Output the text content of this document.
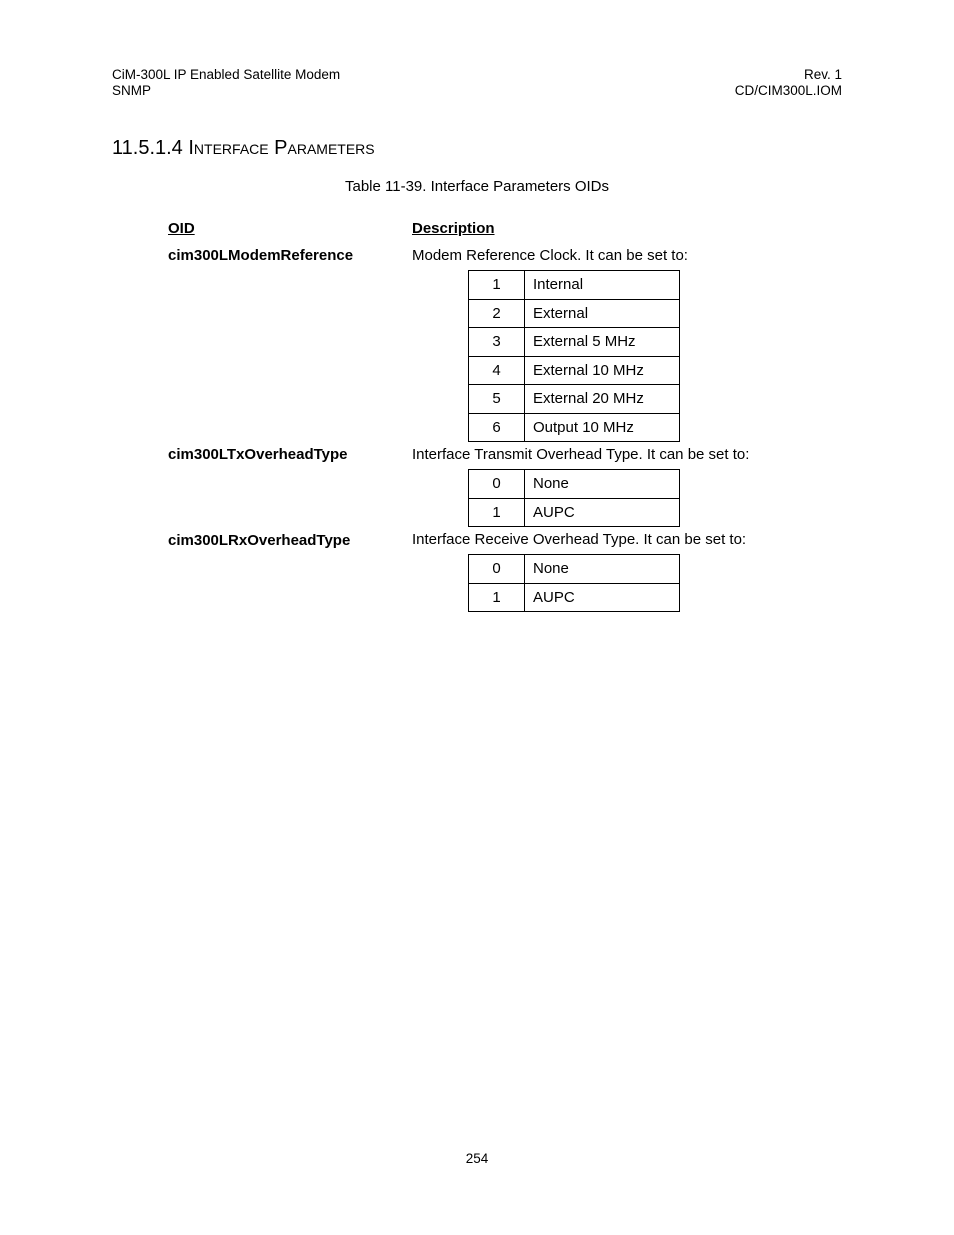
CiM-300L IP Enabled Satellite Modem
SNMP
Rev. 1
CD/CIM300L.IOM
11.5.1.4 Interface Parameters
Table 11-39. Interface Parameters OIDs
OID	Description
cim300LModemReference	Modem Reference Clock. It can be set to:
1	Internal
2	External
3	External 5 MHz
4	External 10 MHz
5	External 20 MHz
6	Output 10 MHz
cim300LTxOverheadType	Interface Transmit Overhead Type. It can be set to:
0	None
1	AUPC
cim300LRxOverheadType	Interface Receive Overhead Type. It can be set to:
0	None
1	AUPC
254
